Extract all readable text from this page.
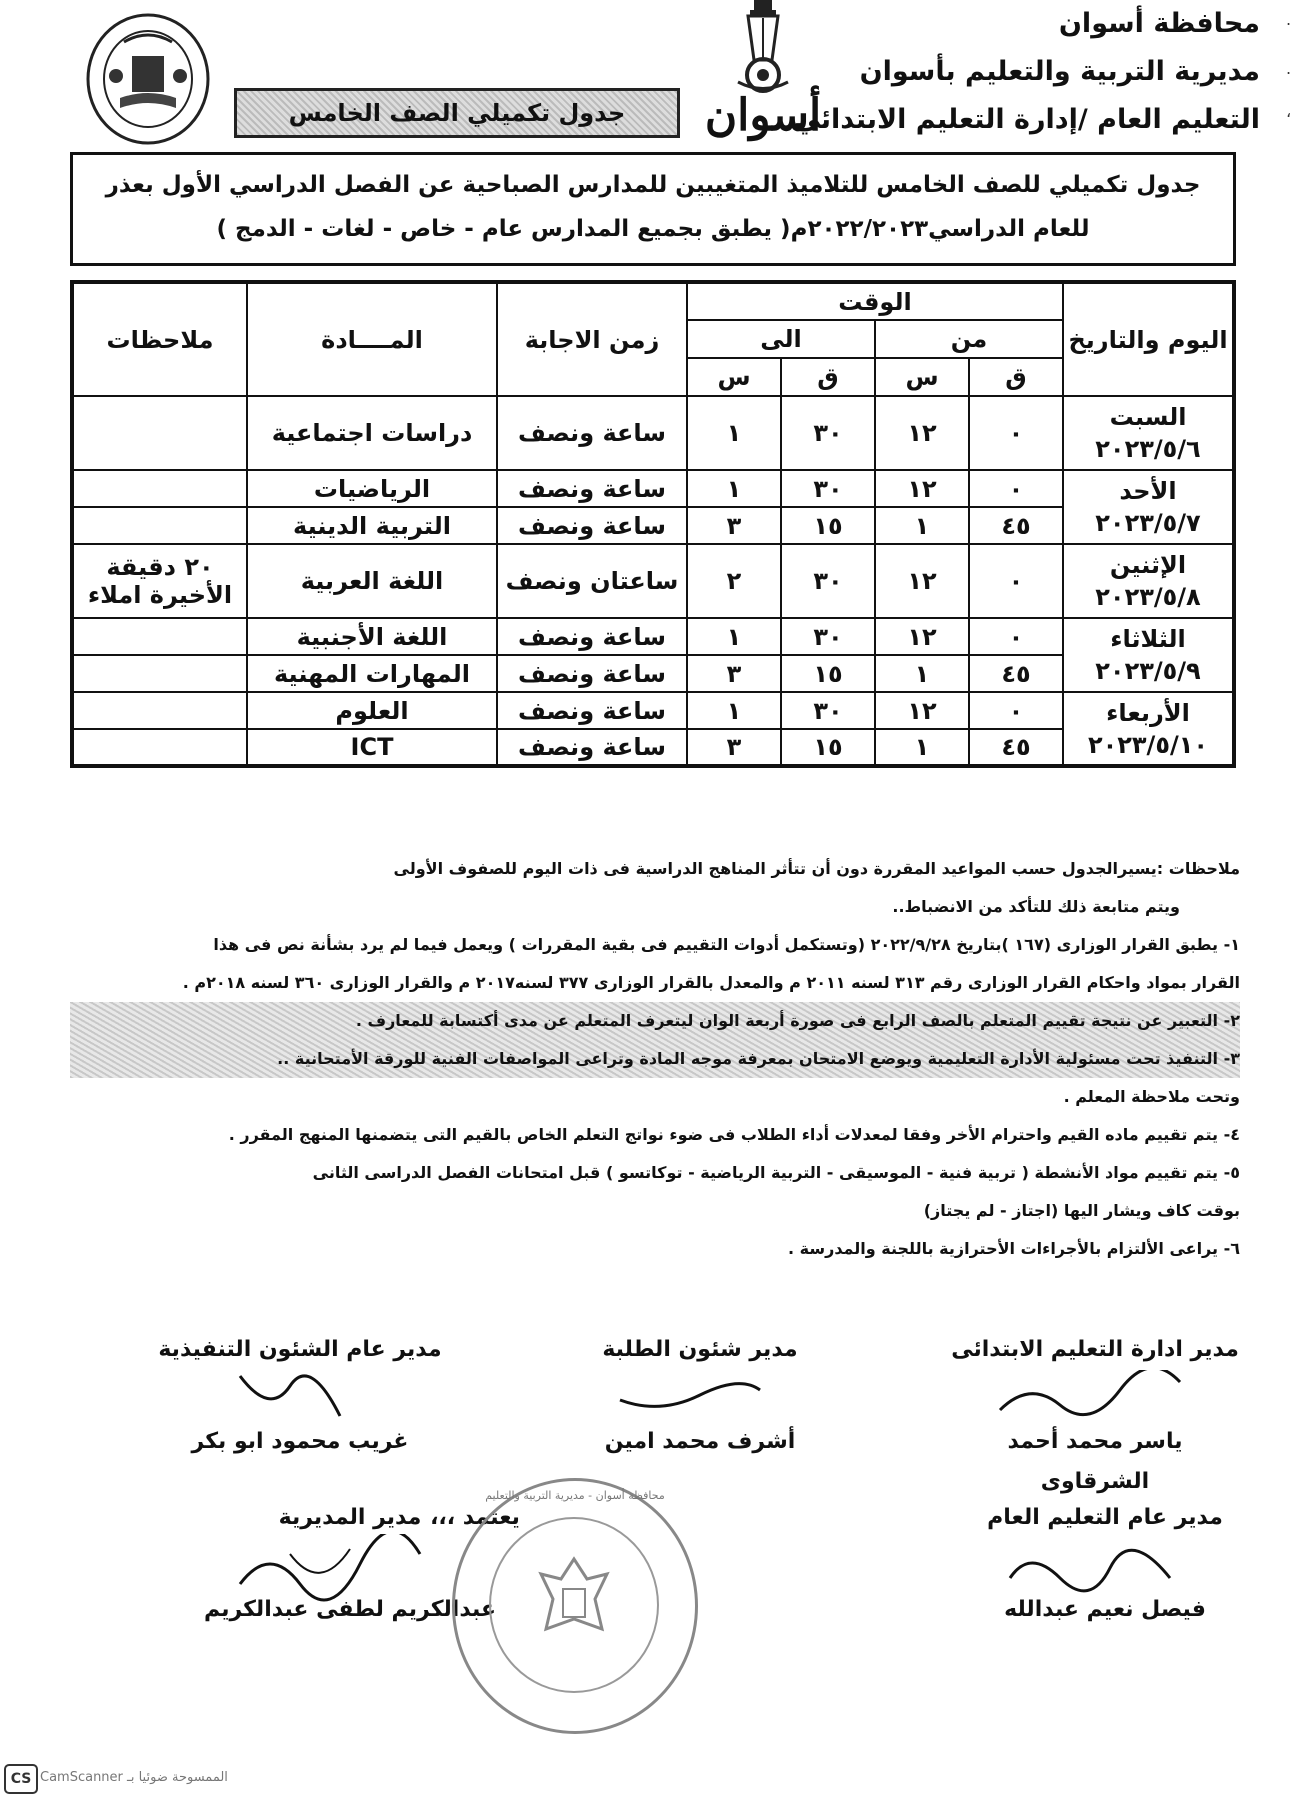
محافظة أسوان
مديرية التربية والتعليم بأسوان
التعليم العام /إدارة التعليم الابتدائي
أسوان
جدول تكميلي الصف الخامس
جدول تكميلي للصف الخامس للتلاميذ المتغيبين للمدارس الصباحية عن الفصل الدراسي الأول بعذر
للعام الدراسي٢٠٢٢/٢٠٢٣م( يطبق بجميع المدارس عام - خاص - لغات - الدمج )
اليوم والتاريخ	الوقت				زمن الاجابة	المــــادة	ملاحظات
	من		الى				
	ق	س	ق	س			

السبت
٢٠٢٣/٥/٦	٠	١٢	٣٠	١	ساعة ونصف	دراسات اجتماعية	

الأحد
٢٠٢٣/٥/٧	٠	١٢	٣٠	١	ساعة ونصف	الرياضيات	
	٤٥	١	١٥	٣	ساعة ونصف	التربية الدينية	

الإثنين
٢٠٢٣/٥/٨	٠	١٢	٣٠	٢	ساعتان ونصف	اللغة العربية	٢٠ دقيقة الأخيرة املاء

الثلاثاء
٢٠٢٣/٥/٩	٠	١٢	٣٠	١	ساعة ونصف	اللغة الأجنبية	
	٤٥	١	١٥	٣	ساعة ونصف	المهارات المهنية	

الأربعاء
٢٠٢٣/٥/١٠	٠	١٢	٣٠	١	ساعة ونصف	العلوم	
	٤٥	١	١٥	٣	ساعة ونصف	ICT	

ملاحظات :يسيرالجدول حسب المواعيد المقررة دون أن تتأثر المناهج الدراسية فى ذات اليوم للصفوف الأولى

ويتم متابعة ذلك للتأكد من الانضباط..

١- يطبق القرار الوزارى (١٦٧ )بتاريخ ٢٠٢٢/٩/٢٨ (وتستكمل أدوات التقييم فى بقية المقررات ) ويعمل فيما لم يرد بشأنة نص فى هذا

القرار بمواد واحكام القرار الوزارى رقم ٣١٣ لسنه ٢٠١١ م والمعدل بالقرار الوزارى ٣٧٧ لسنه٢٠١٧ م والقرار الوزارى ٣٦٠ لسنه ٢٠١٨م .

٢- التعبير عن نتيجة تقييم المتعلم بالصف الرابع فى صورة أربعة الوان ليتعرف المتعلم عن مدى أكتسابة للمعارف .

٣- التنفيذ تحت مسئولية الأدارة التعليمية ويوضع الامتحان بمعرفة موجه المادة وتراعى المواصفات الفنية للورقة الأمتحانية ..

وتحت ملاحظة المعلم .

٤- يتم تقييم ماده القيم واحترام الأخر وفقا لمعدلات أداء الطلاب فى ضوء نواتج التعلم الخاص بالقيم التى يتضمنها المنهج المقرر .

٥- يتم تقييم مواد الأنشطة ( تربية فنية - الموسيقى - التربية الرياضية - توكاتسو ) قبل امتحانات الفصل الدراسى الثانى

بوقت كاف ويشار اليها (اجتاز - لم يجتاز)

٦- يراعى الألتزام بالأجراءات الأحترازية باللجنة والمدرسة .

مدير ادارة التعليم الابتدائى
ياسر محمد أحمد الشرقاوى
مدير شئون الطلبة
أشرف محمد امين
مدير عام الشئون التنفيذية
غريب محمود ابو بكر
مدير عام التعليم العام
فيصل نعيم عبدالله
يعتمد ،،،
مدير المديرية
عبدالكريم لطفى عبدالكريم
محافظة أسوان - مديرية التربية والتعليم
.
.
،
CS الممسوحة ضوئيا بـ CamScanner
